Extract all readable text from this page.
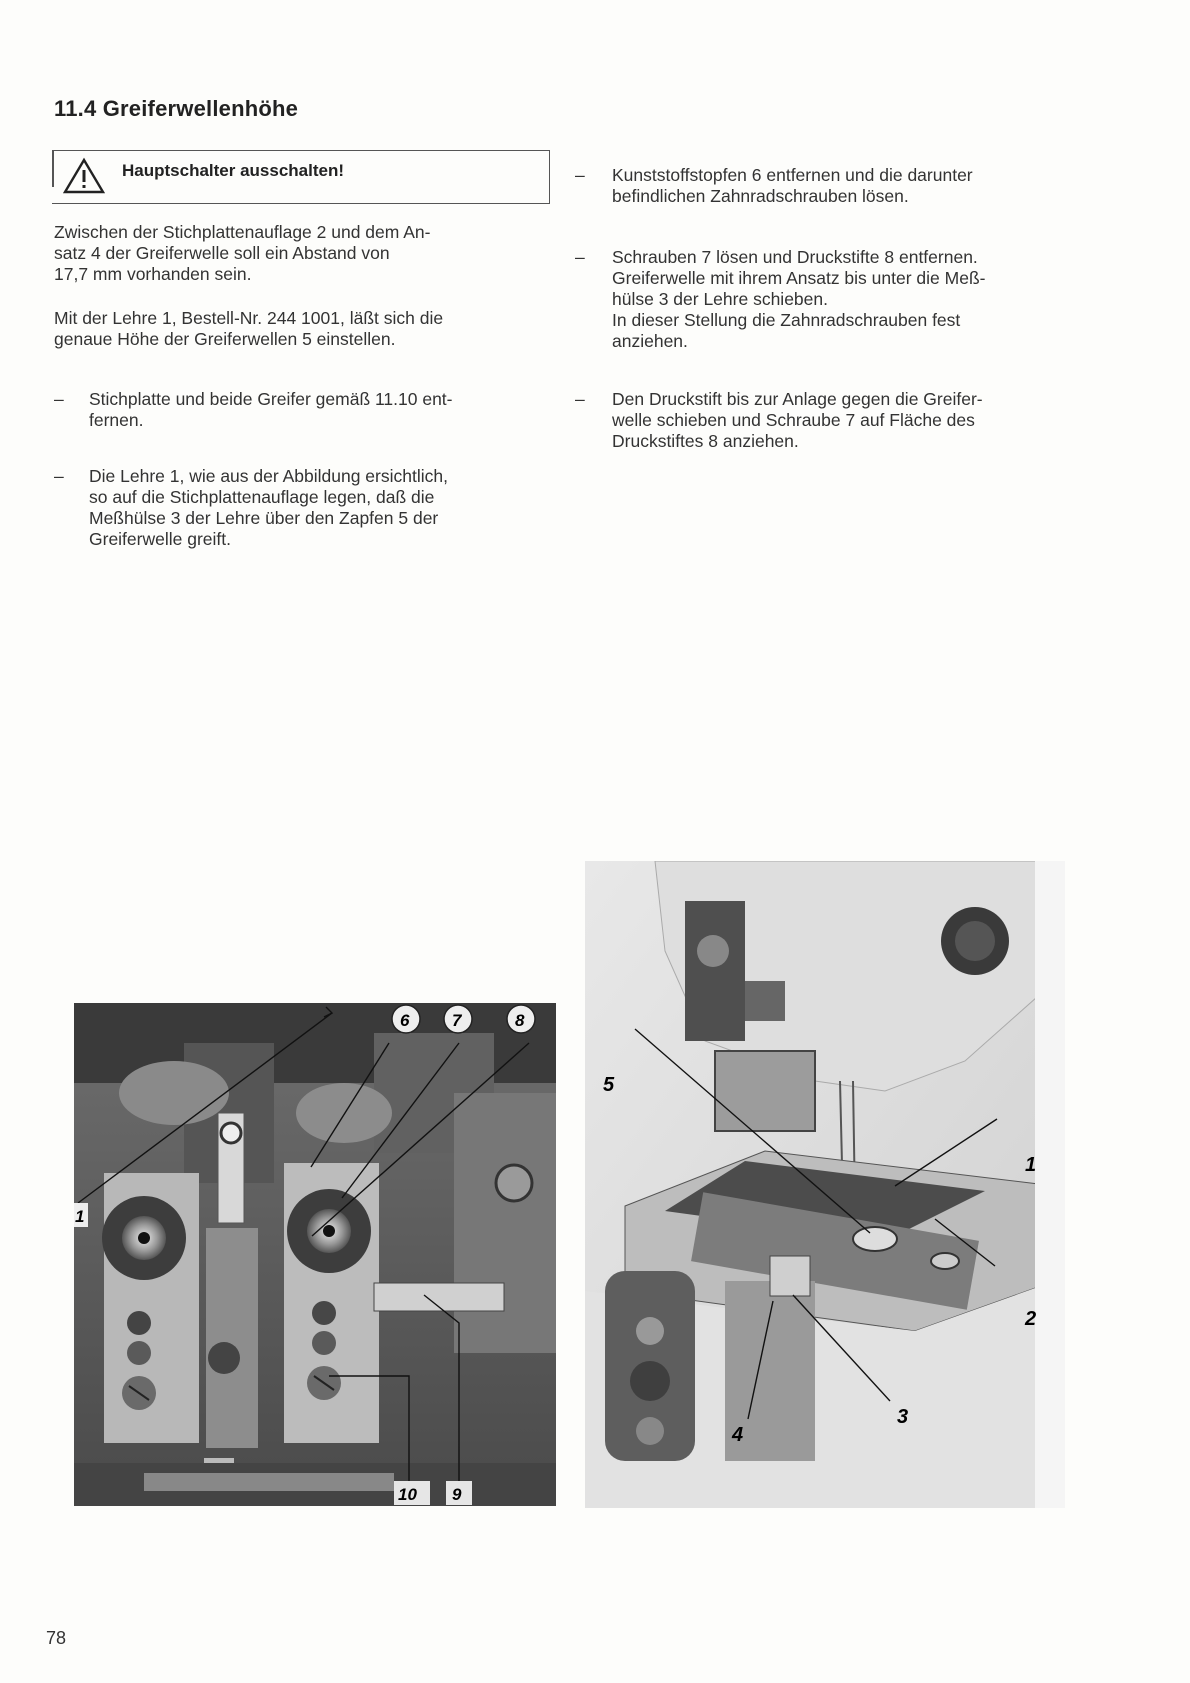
11.4 Greiferwellenhöhe
Hauptschalter ausschalten!
Zwischen der Stichplattenauflage 2 und dem An-
satz 4 der Greiferwelle soll ein Abstand von
17,7 mm vorhanden sein.
Mit der Lehre 1, Bestell-Nr. 244 1001, läßt sich die
genaue Höhe der Greiferwellen 5 einstellen.
– Stichplatte und beide Greifer gemäß 11.10 ent-
fernen.
– Die Lehre 1, wie aus der Abbildung ersichtlich,
so auf die Stichplattenauflage legen, daß die
Meßhülse 3 der Lehre über den Zapfen 5 der
Greiferwelle greift.
– Kunststoffstopfen 6 entfernen und die darunter
befindlichen Zahnradschrauben lösen.
– Schrauben 7 lösen und Druckstifte 8 entfernen.
Greiferwelle mit ihrem Ansatz bis unter die Meß-
hülse 3 der Lehre schieben.
In dieser Stellung die Zahnradschrauben fest
anziehen.
– Den Druckstift bis zur Anlage gegen die Greifer-
welle schieben und Schraube 7 auf Fläche des
Druckstiftes 8 anziehen.
6	7	8
1
10 9
5
1
2
3
4
78
